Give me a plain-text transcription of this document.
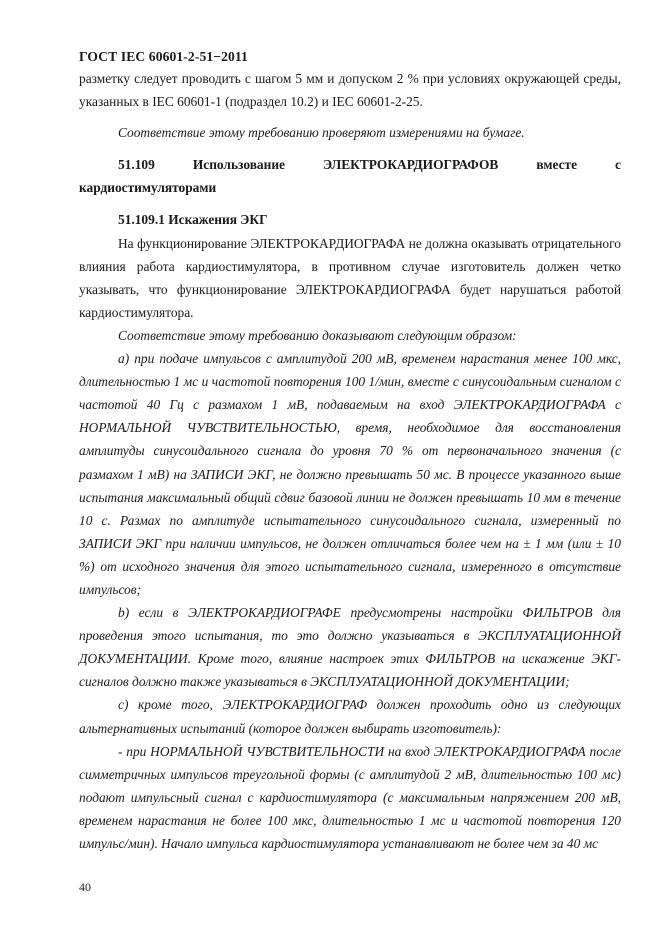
ГОСТ IEC 60601-2-51−2011

разметку следует проводить с шагом 5 мм и допуском 2 % при условиях окружающей среды, указанных в IEC 60601-1 (подраздел 10.2) и IEC 60601-2-25.

Соответствие этому требованию проверяют измерениями на бумаге.

51.109 Использование ЭЛЕКТРОКАРДИОГРАФОВ вместе с кардиостимуляторами

51.109.1 Искажения ЭКГ

На функционирование ЭЛЕКТРОКАРДИОГРАФА не должна оказывать отрицательного влияния работа кардиостимулятора, в противном случае изготовитель должен четко указывать, что функционирование ЭЛЕКТРОКАРДИОГРАФА будет нарушаться работой кардиостимулятора.

Соответствие этому требованию доказывают следующим образом:

а) при подаче импульсов с амплитудой 200 мВ, временем нарастания менее 100 мкс, длительностью 1 мс и частотой повторения 100 1/мин, вместе с синусоидальным сигналом с частотой 40 Гц с размахом 1 мВ, подаваемым на вход ЭЛЕКТРОКАРДИОГРАФА с НОРМАЛЬНОЙ ЧУВСТВИТЕЛЬНОСТЬЮ, время, необходимое для восстановления амплитуды синусоидального сигнала до уровня 70 % от первоначального значения (с размахом 1 мВ) на ЗАПИСИ ЭКГ, не должно превышать 50 мс. В процессе указанного выше испытания максимальный общий сдвиг базовой линии не должен превышать 10 мм в течение 10 с. Размах по амплитуде испытательного синусоидального сигнала, измеренный по ЗАПИСИ ЭКГ при наличии импульсов, не должен отличаться более чем на ± 1 мм (или ± 10 %) от исходного значения для этого испытательного сигнала, измеренного в отсутствие импульсов;

b) если в ЭЛЕКТРОКАРДИОГРАФЕ предусмотрены настройки ФИЛЬТРОВ для проведения этого испытания, то это должно указываться в ЭКСПЛУАТАЦИОННОЙ ДОКУМЕНТАЦИИ. Кроме того, влияние настроек этих ФИЛЬТРОВ на искажение ЭКГ-сигналов должно также указываться в ЭКСПЛУАТАЦИОННОЙ ДОКУМЕНТАЦИИ;

с) кроме того, ЭЛЕКТРОКАРДИОГРАФ должен проходить одно из следующих альтернативных испытаний (которое должен выбирать изготовитель):

- при НОРМАЛЬНОЙ ЧУВСТВИТЕЛЬНОСТИ на вход ЭЛЕКТРОКАРДИОГРАФА после симметричных импульсов треугольной формы (с амплитудой 2 мВ, длительностью 100 мс) подают импульсный сигнал с кардиостимулятора (с максимальным напряжением 200 мВ, временем нарастания не более 100 мкс, длительностью 1 мс и частотой повторения 120 импульс/мин). Начало импульса кардиостимулятора устанавливают не более чем за 40 мс

40
